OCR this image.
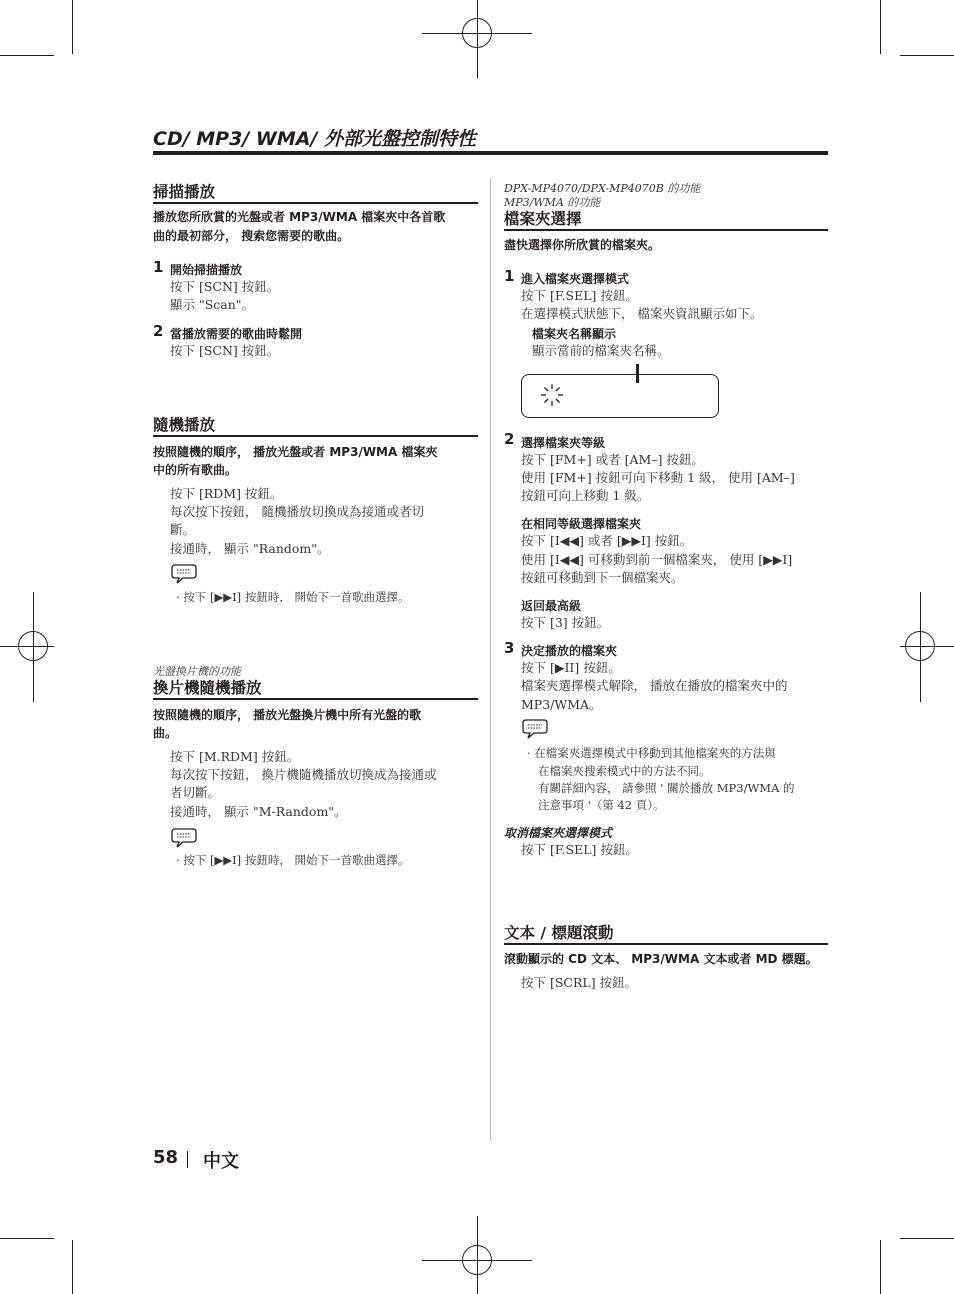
CD/ MP3/ WMA/ 外部光盤控制特性
掃描播放
播放您所欣賞的光盤或者 MP3/WMA 檔案夾中各首歌
曲的最初部分， 搜索您需要的歌曲。
1 開始掃描播放
按下 [SCN] 按鈕。
顯示 "Scan"。
2 當播放需要的歌曲時鬆開
按下 [SCN] 按鈕。
隨機播放
按照隨機的順序， 播放光盤或者 MP3/WMA 檔案夾
中的所有歌曲。
按下 [RDM] 按鈕。
每次按下按鈕， 隨機播放切換成為接通或者切
斷。
接通時， 顯示 "Random"。
· 按下 [▶▶I] 按鈕時， 開始下一首歌曲選擇。
光盤換片機的功能
換片機隨機播放
按照隨機的順序， 播放光盤換片機中所有光盤的歌
曲。
按下 [M.RDM] 按鈕。
每次按下按鈕， 換片機隨機播放切換成為接通或
者切斷。
接通時， 顯示 "M-Random"。
· 按下 [▶▶I] 按鈕時， 開始下一首歌曲選擇。
DPX-MP4070/DPX-MP4070B 的功能
MP3/WMA 的功能
檔案夾選擇
盡快選擇你所欣賞的檔案夾。
1 進入檔案夾選擇模式
按下 [F.SEL] 按鈕。
在選擇模式狀態下， 檔案夾資訊顯示如下。
檔案夾名稱顯示
顯示當前的檔案夾名稱。
2 選擇檔案夾等級
按下 [FM+] 或者 [AM–] 按鈕。
使用 [FM+] 按鈕可向下移動 1 級， 使用 [AM–]
按鈕可向上移動 1 級。
在相同等級選擇檔案夾
按下 [I◀◀] 或者 [▶▶I] 按鈕。
使用 [I◀◀] 可移動到前一個檔案夾， 使用 [▶▶I]
按鈕可移動到下一個檔案夾。
返回最高級
按下 [3] 按鈕。
3 決定播放的檔案夾
按下 [▶II] 按鈕。
檔案夾選擇模式解除， 播放在播放的檔案夾中的
MP3/WMA。
· 在檔案夾選擇模式中移動到其他檔案夾的方法與
在檔案夾搜索模式中的方法不同。
有關詳細內容， 請參照 ' 關於播放 MP3/WMA 的
注意事項 '（第 42 頁）。
取消檔案夾選擇模式
按下 [F.SEL] 按鈕。
文本 / 標題滾動
滾動顯示的 CD 文本、 MP3/WMA 文本或者 MD 標題。
按下 [SCRL] 按鈕。
58 中文
